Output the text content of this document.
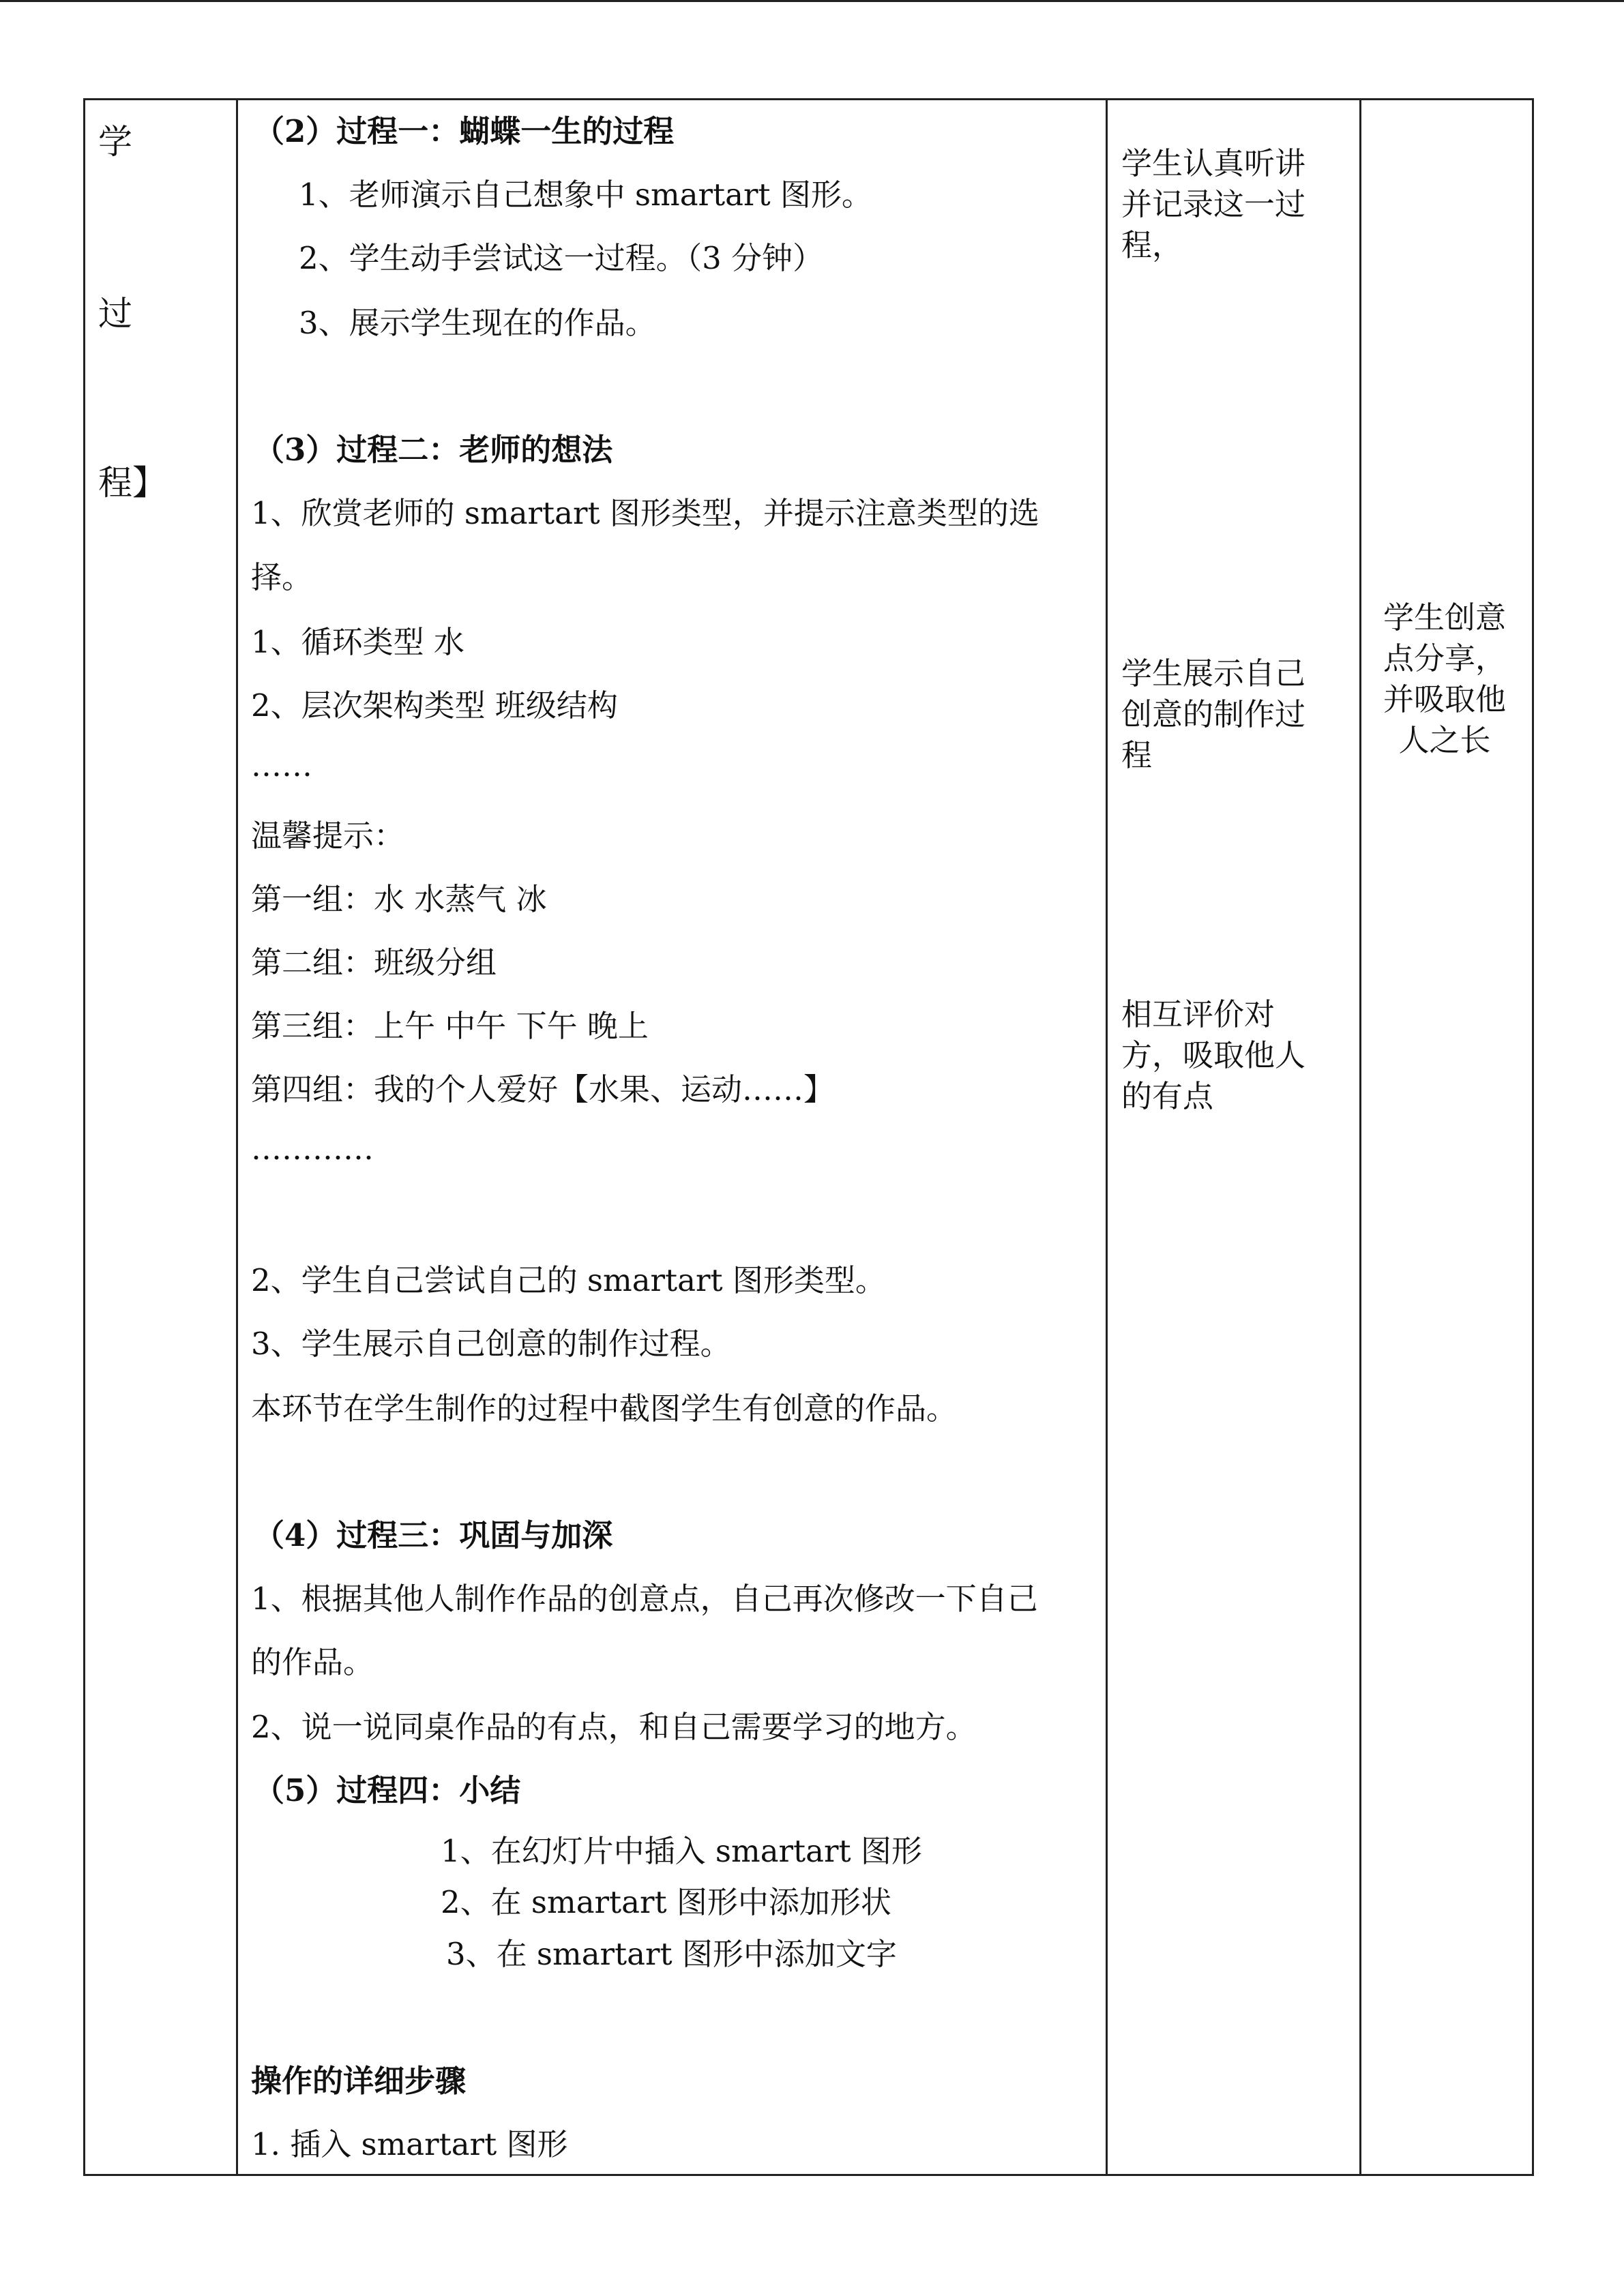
学
过
程】
（2）过程一：蝴蝶一生的过程
1、老师演示自己想象中 smartart 图形。
2、学生动手尝试这一过程。（3 分钟）
3、展示学生现在的作品。
（3）过程二：老师的想法
1、欣赏老师的 smartart 图形类型，并提示注意类型的选
择。
1、循环类型 水
2、层次架构类型 班级结构
……
温馨提示：
第一组：水 水蒸气 冰
第二组：班级分组
第三组：上午 中午 下午 晚上
第四组：我的个人爱好【水果、运动……】
…………
2、学生自己尝试自己的 smartart 图形类型。
3、学生展示自己创意的制作过程。
本环节在学生制作的过程中截图学生有创意的作品。
（4）过程三：巩固与加深
1、根据其他人制作作品的创意点，自己再次修改一下自己
的作品。
2、说一说同桌作品的有点，和自己需要学习的地方。
（5）过程四：小结
1、在幻灯片中插入 smartart 图形
2、在 smartart 图形中添加形状
3、在 smartart 图形中添加文字
操作的详细步骤
1. 插入 smartart 图形
学生认真听讲
并记录这一过
程，
学生展示自己
创意的制作过
程
相互评价对
方，吸取他人
的有点
学生创意
点分享，
并吸取他
人之长
